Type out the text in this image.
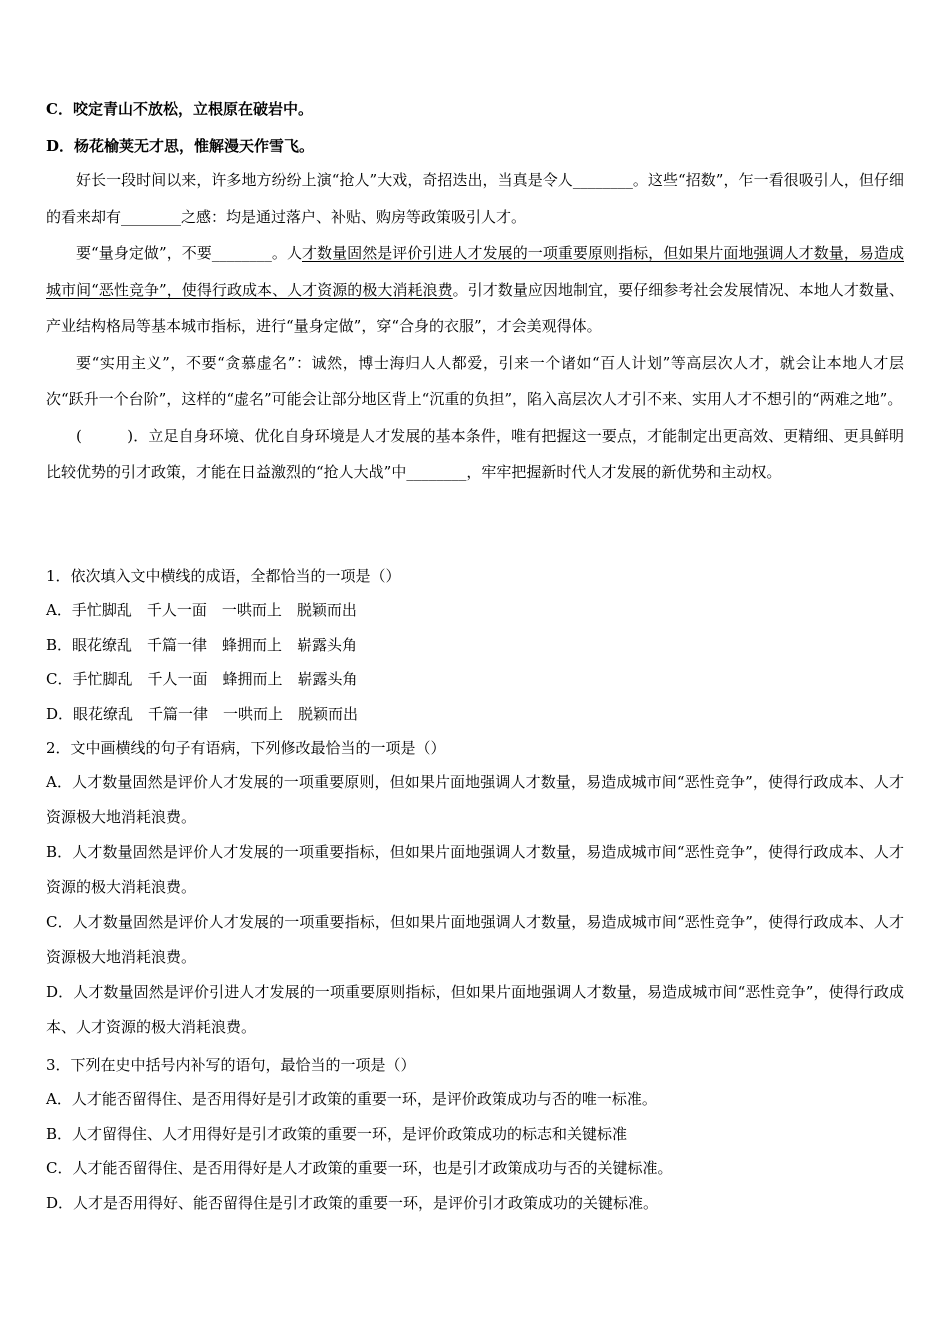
C．咬定青山不放松，立根原在破岩中。
D．杨花榆荚无才思，惟解漫天作雪飞。
好长一段时间以来，许多地方纷纷上演“抢人”大戏，奇招迭出，当真是令人________。这些“招数”，乍一看很吸引人，但仔细的看来却有________之感：均是通过落户、补贴、购房等政策吸引人才。
要“量身定做”，不要________。人才数量固然是评价引进人才发展的一项重要原则指标，但如果片面地强调人才数量，易造成城市间“恶性竞争”，使得行政成本、人才资源的极大消耗浪费。引才数量应因地制宜，要仔细参考社会发展情况、本地人才数量、产业结构格局等基本城市指标，进行“量身定做”，穿“合身的衣服”，才会美观得体。
要“实用主义”，不要“贪慕虚名”：诚然，博士海归人人都爱，引来一个诸如“百人计划”等高层次人才，就会让本地人才层次“跃升一个台阶”，这样的“虚名”可能会让部分地区背上“沉重的负担”，陷入高层次人才引不来、实用人才不想引的“两难之地”。
(　　　)．立足自身环境、优化自身环境是人才发展的基本条件，唯有把握这一要点，才能制定出更高效、更精细、更具鲜明比较优势的引才政策，才能在日益激烈的“抢人大战”中________，牢牢把握新时代人才发展的新优势和主动权。
1．依次填入文中横线的成语，全都恰当的一项是（）
A．手忙脚乱　千人一面　一哄而上　脱颖而出
B．眼花缭乱　千篇一律　蜂拥而上　崭露头角
C．手忙脚乱　千人一面　蜂拥而上　崭露头角
D．眼花缭乱　千篇一律　一哄而上　脱颖而出
2．文中画横线的句子有语病，下列修改最恰当的一项是（）
A．人才数量固然是评价人才发展的一项重要原则，但如果片面地强调人才数量，易造成城市间“恶性竞争”，使得行政成本、人才资源极大地消耗浪费。
B．人才数量固然是评价人才发展的一项重要指标，但如果片面地强调人才数量，易造成城市间“恶性竞争”，使得行政成本、人才资源的极大消耗浪费。
C．人才数量固然是评价人才发展的一项重要指标，但如果片面地强调人才数量，易造成城市间“恶性竞争”，使得行政成本、人才资源极大地消耗浪费。
D．人才数量固然是评价引进人才发展的一项重要原则指标，但如果片面地强调人才数量，易造成城市间“恶性竞争”，使得行政成本、人才资源的极大消耗浪费。
3．下列在史中括号内补写的语句，最恰当的一项是（）
A．人才能否留得住、是否用得好是引才政策的重要一环，是评价政策成功与否的唯一标准。
B．人才留得住、人才用得好是引才政策的重要一环，是评价政策成功的标志和关键标准
C．人才能否留得住、是否用得好是人才政策的重要一环，也是引才政策成功与否的关键标准。
D．人才是否用得好、能否留得住是引才政策的重要一环，是评价引才政策成功的关键标准。
